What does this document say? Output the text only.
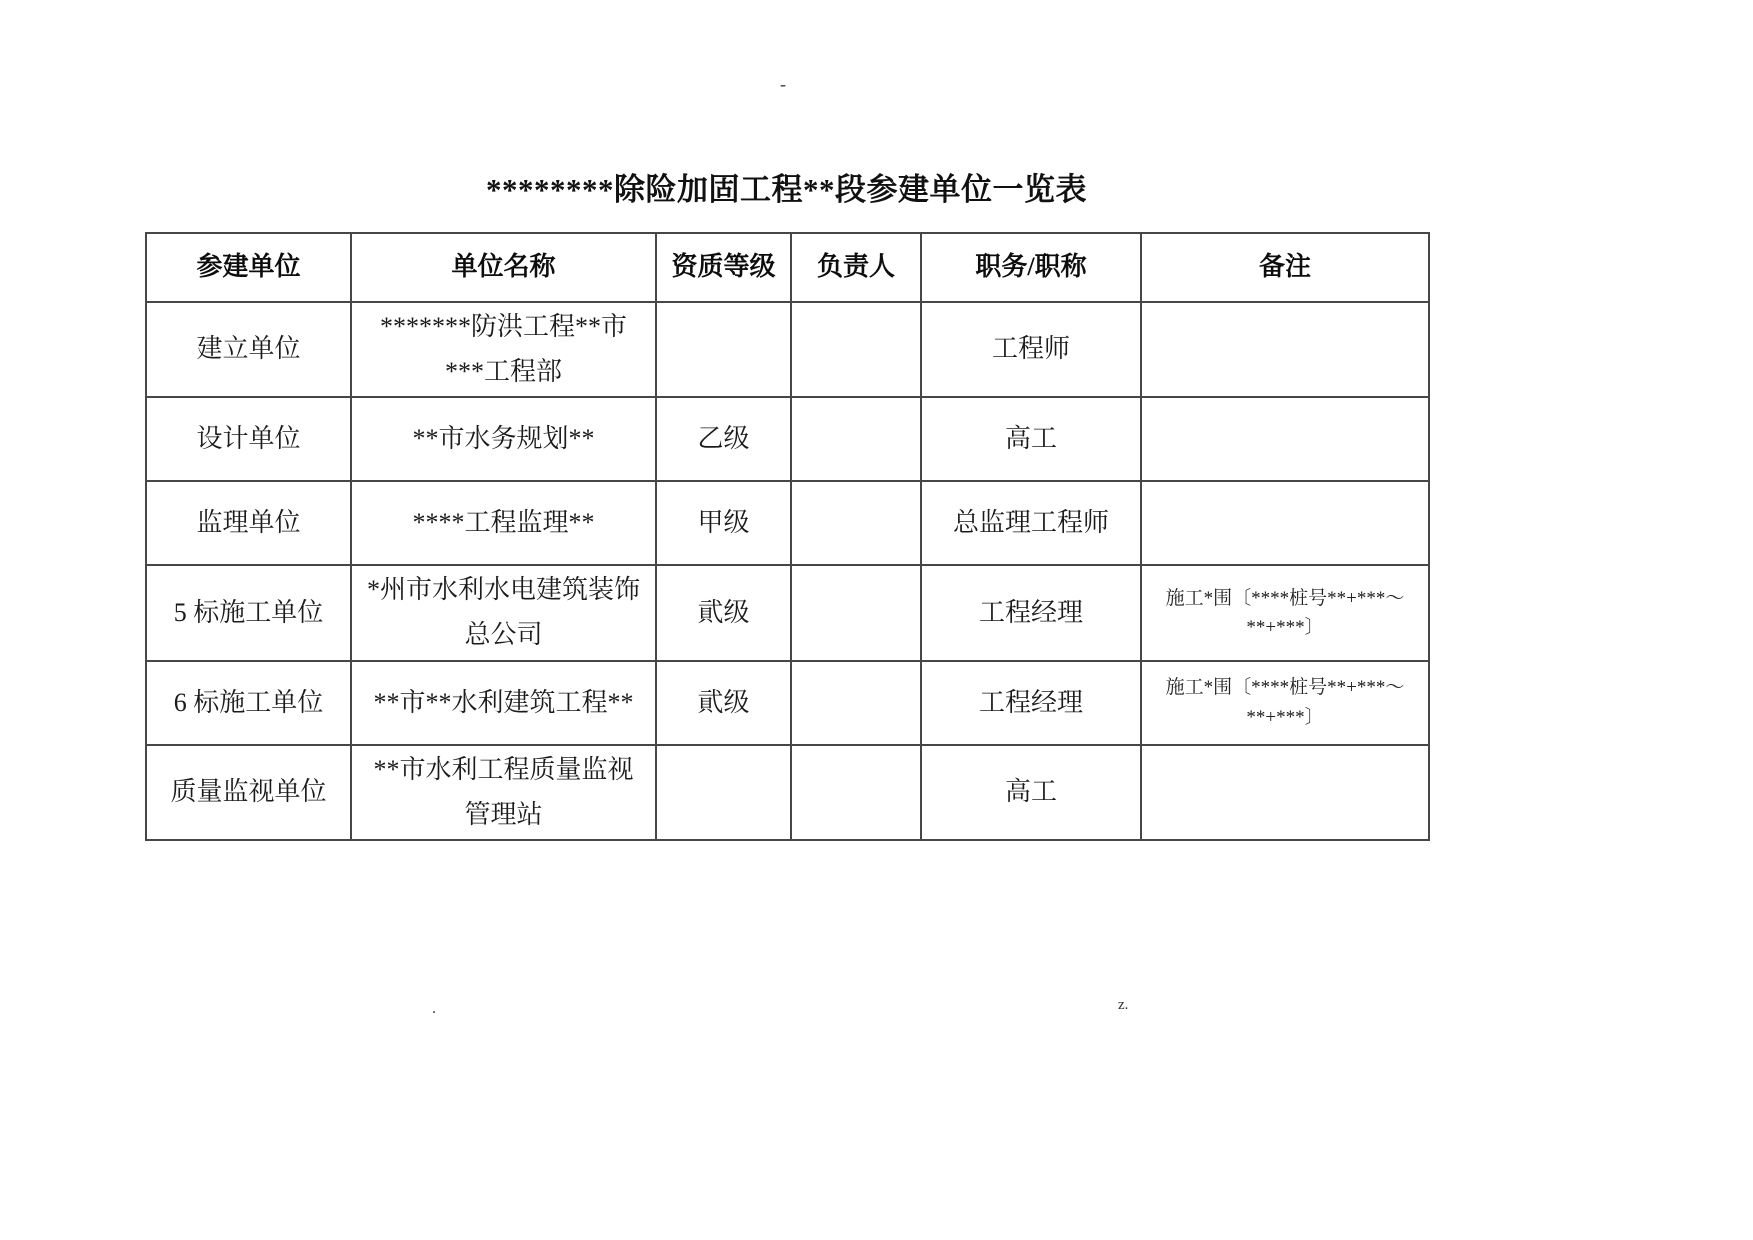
-
********除险加固工程**段参建单位一览表
参建单位	单位名称	资质等级	负责人	职务/职称	备注
建立单位	*******防洪工程**市***工程部			工程师	
设计单位	**市水务规划**	乙级		高工	
监理单位	****工程监理**	甲级		总监理工程师	
5 标施工单位	*州市水利水电建筑装饰总公司	貮级		工程经理	施工*围〔****桩号**+***～**+***〕
6 标施工单位	**市**水利建筑工程**	貮级		工程经理	施工*围〔****桩号**+***～**+***〕
质量监视单位	**市水利工程质量监视管理站			高工	
.	z.
